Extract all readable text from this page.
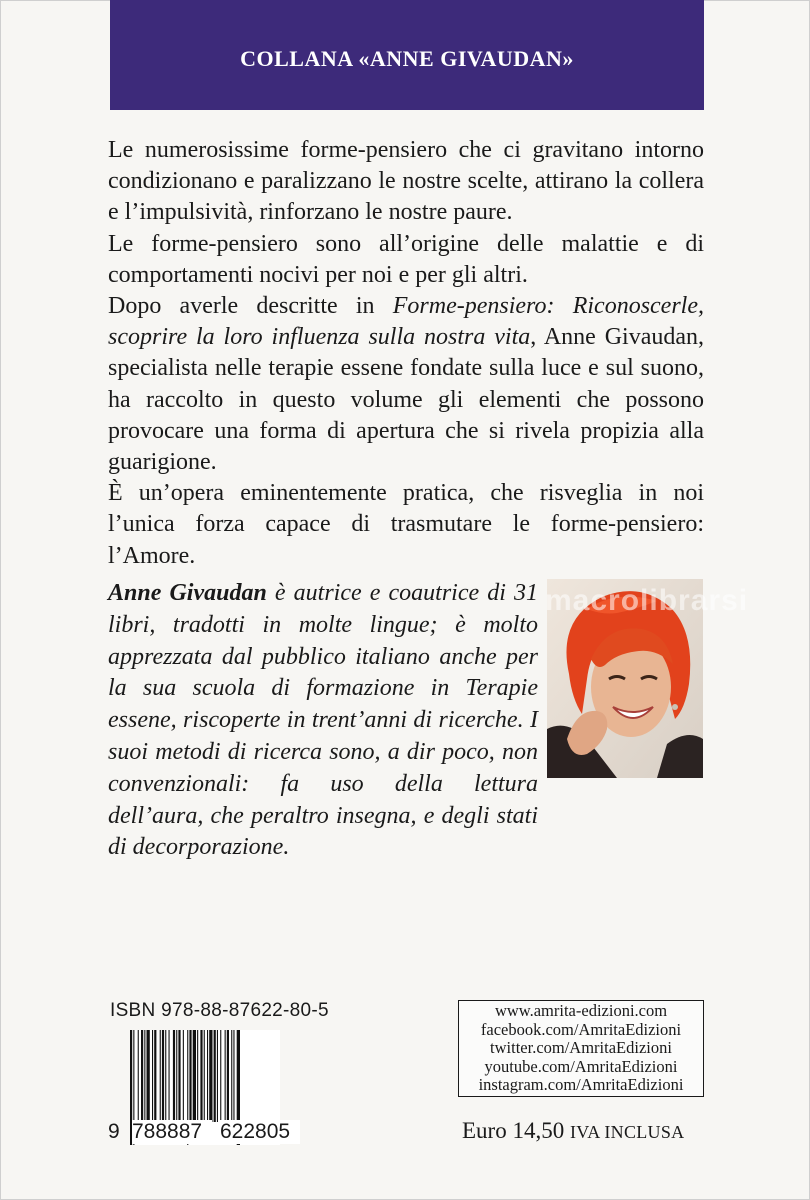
COLLANA «ANNE GIVAUDAN»

Le numerosissime forme-pensiero che ci gravitano intorno condizionano e paralizzano le nostre scelte, attirano la collera e l’impulsività, rinforzano le nostre paure.

Le forme-pensiero sono all’origine delle malattie e di comportamenti nocivi per noi e per gli altri.

Dopo averle descritte in Forme-pensiero: Riconoscerle, scoprire la loro influenza sulla nostra vita, Anne Givaudan, specialista nelle terapie essene fondate sulla luce e sul suono, ha raccolto in questo volume gli elementi che possono provocare una forma di apertura che si rivela propizia alla guarigione.

È un’opera eminentemente pratica, che risveglia in noi l’unica forza capace di trasmutare le forme-pensiero: l’Amore.

Anne Givaudan è autrice e coautrice di 31 libri, tradotti in molte lingue; è molto apprezzata dal pubblico italiano anche per la sua scuola di formazione in Terapie essene, riscoperte in trent’anni di ricerche. I suoi metodi di ricerca sono, a dir poco, non convenzionali: fa uso della lettura dell’aura, che peraltro insegna, e degli stati di decorporazione.
macrolibrarsi
ISBN 978-88-87622-80-5
9 788887 622805
www.amrita-edizioni.com
facebook.com/AmritaEdizioni
twitter.com/AmritaEdizioni
youtube.com/AmritaEdizioni
instagram.com/AmritaEdizioni
Euro 14,50 IVA INCLUSA
